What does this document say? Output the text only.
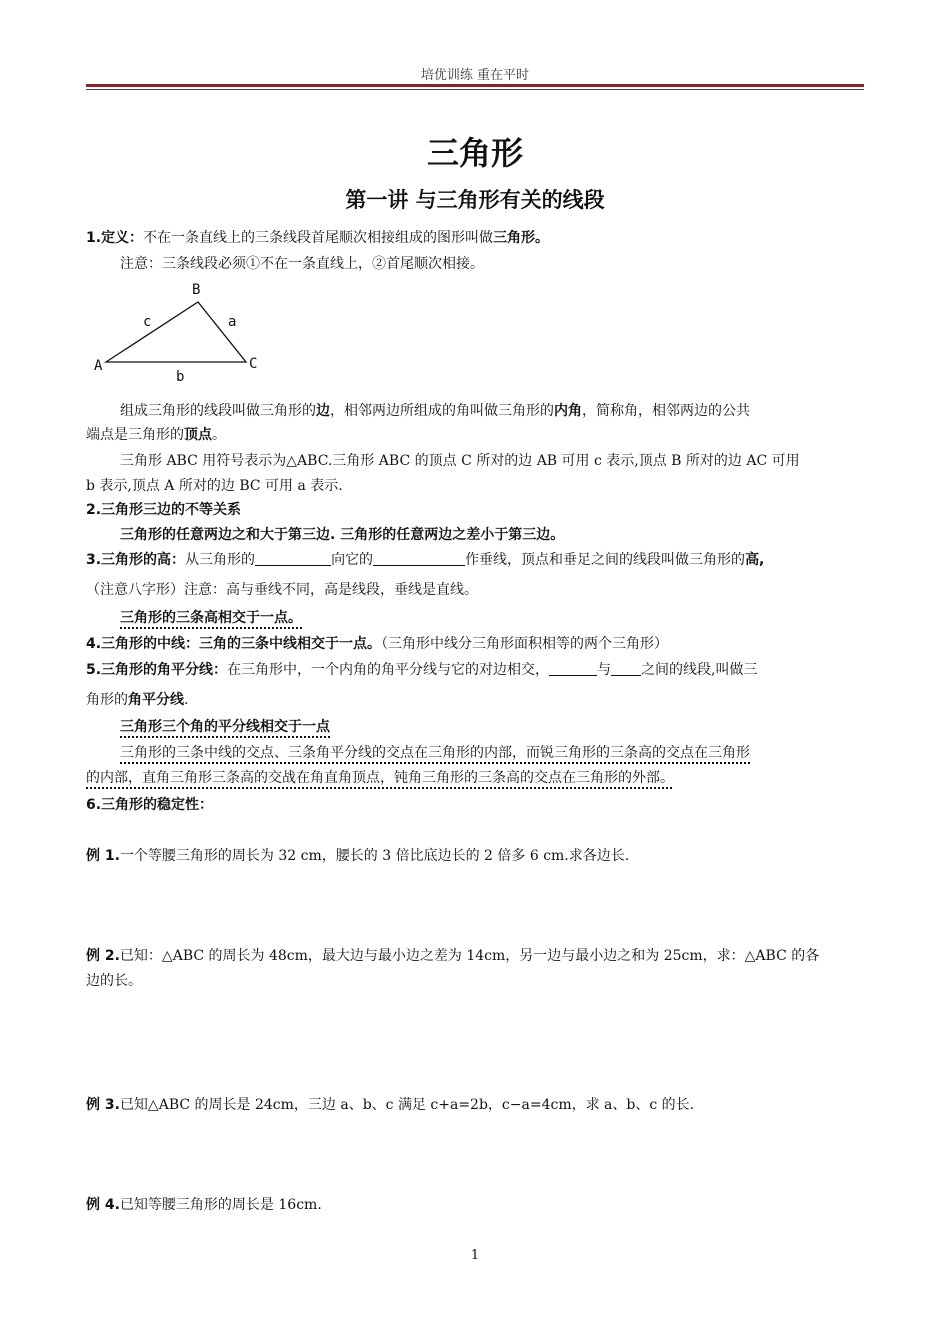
培优训练 重在平时
三角形
第一讲 与三角形有关的线段
1.定义：不在一条直线上的三条线段首尾顺次相接组成的图形叫做三角形。
注意：三条线段必须①不在一条直线上，②首尾顺次相接。
B
A	C
c	a
b
组成三角形的线段叫做三角形的边，相邻两边所组成的角叫做三角形的内角，简称角，相邻两边的公共
端点是三角形的顶点。
三角形 ABC 用符号表示为△ABC.三角形 ABC 的顶点 C 所对的边 AB 可用 c 表示,顶点 B 所对的边 AC 可用
b 表示,顶点 A 所对的边 BC 可用 a 表示.
2.三角形三边的不等关系
三角形的任意两边之和大于第三边. 三角形的任意两边之差小于第三边。
3.三角形的高：从三角形的	向它的	作垂线，顶点和垂足之间的线段叫做三角形的高,
（注意八字形）注意：高与垂线不同，高是线段，垂线是直线。
三角形的三条高相交于一点。
4.三角形的中线：三角的三条中线相交于一点。（三角形中线分三角形面积相等的两个三角形）
5.三角形的角平分线：在三角形中，一个内角的角平分线与它的对边相交，	与 之间的线段,叫做三
角形的角平分线.
三角形三个角的平分线相交于一点
三角形的三条中线的交点、三条角平分线的交点在三角形的内部，而锐三角形的三条高的交点在三角形
的内部，直角三角形三条高的交战在角直角顶点，钝角三角形的三条高的交点在三角形的外部。
6.三角形的稳定性：
例 1.一个等腰三角形的周长为 32 cm，腰长的 3 倍比底边长的 2 倍多 6 cm.求各边长.
例 2.已知：△ABC 的周长为 48cm，最大边与最小边之差为 14cm，另一边与最小边之和为 25cm，求：△ABC 的各
边的长。
例 3.已知△ABC 的周长是 24cm，三边 a、b、c 满足 c+a=2b，c−a=4cm，求 a、b、c 的长.
例 4.已知等腰三角形的周长是 16cm.
1
